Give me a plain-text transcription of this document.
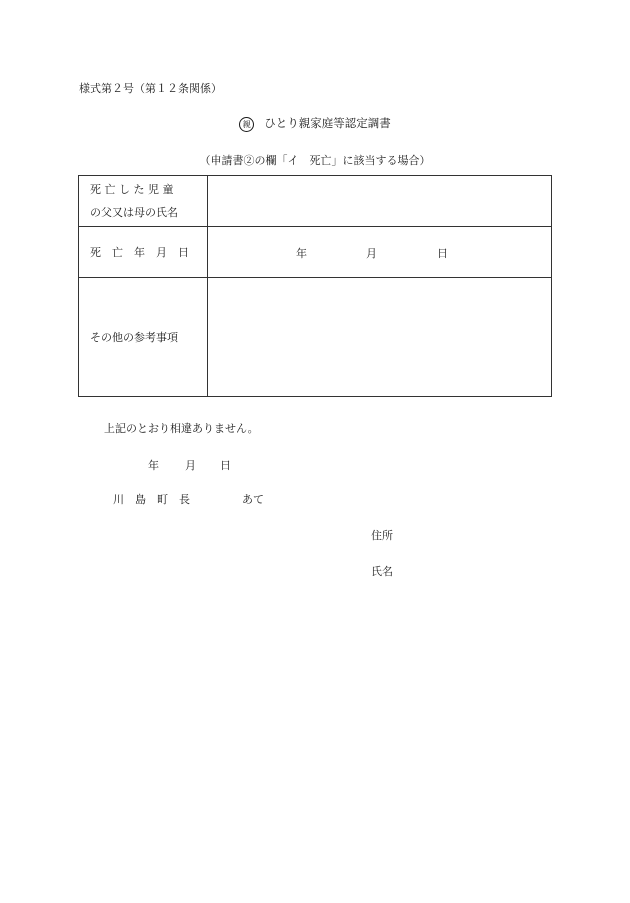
様式第２号（第１２条関係）
親 ひとり親家庭等認定調書
（申請書②の欄「イ　死亡」に該当する場合）
死 亡 し た 児 童
の父又は母の氏名	

死　亡　年　月　日	年 月 日

その他の参考事項	
上記のとおり相違ありません。
年 月 日
川　島　町　長	あて
住所
氏名
